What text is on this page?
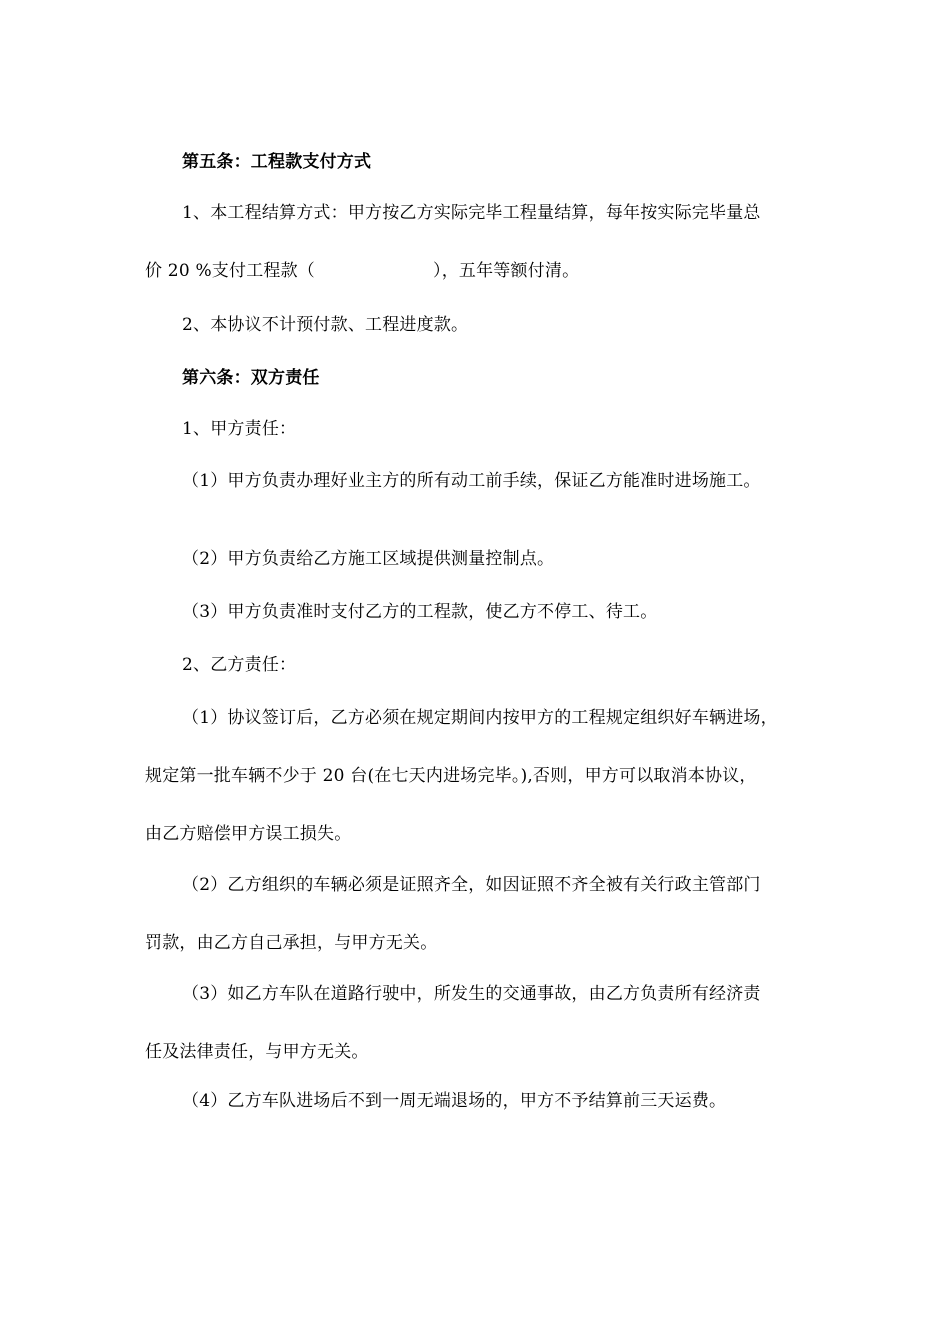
第五条：工程款支付方式
1、本工程结算方式：甲方按乙方实际完毕工程量结算，每年按实际完毕量总
价 20 %支付工程款（	），五年等额付清。
2、本协议不计预付款、工程进度款。
第六条：双方责任
1、甲方责任：
（1）甲方负责办理好业主方的所有动工前手续，保证乙方能准时进场施工。
（2）甲方负责给乙方施工区域提供测量控制点。
（3）甲方负责准时支付乙方的工程款，使乙方不停工、待工。
2、乙方责任：
（1）协议签订后，乙方必须在规定期间内按甲方的工程规定组织好车辆进场，
规定第一批车辆不少于 20 台(在七天内进场完毕。),否则，甲方可以取消本协议，
由乙方赔偿甲方误工损失。
（2）乙方组织的车辆必须是证照齐全，如因证照不齐全被有关行政主管部门
罚款，由乙方自己承担，与甲方无关。
（3）如乙方车队在道路行驶中，所发生的交通事故，由乙方负责所有经济责
任及法律责任，与甲方无关。
（4）乙方车队进场后不到一周无端退场的，甲方不予结算前三天运费。
